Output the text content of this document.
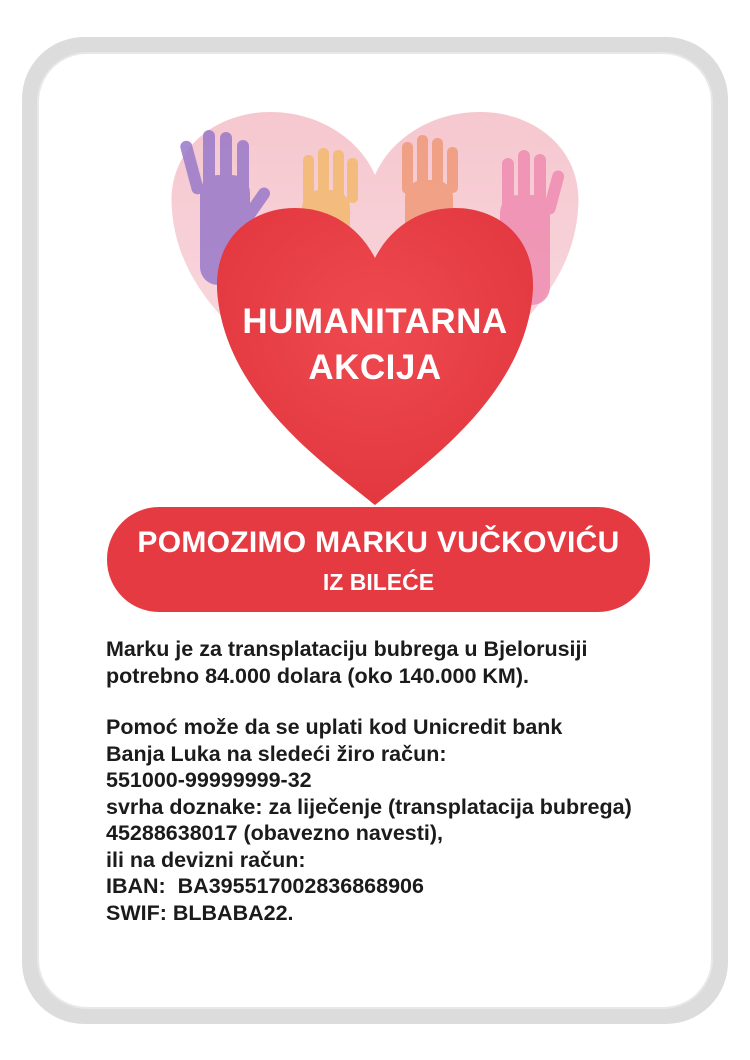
HUMANITARNA
AKCIJA
POMOZIMO MARKU VUČKOVIĆU
IZ BILEĆE
Marku je za transplataciju bubrega u Bjelorusiji
potrebno 84.000 dolara (oko 140.000 KM).
Pomoć može da se uplati kod Unicredit bank
Banja Luka na sledeći žiro račun:
551000-99999999-32
svrha doznake: za liječenje (transplatacija bubrega)
45288638017 (obavezno navesti),
ili na devizni račun:
IBAN:  BA395517002836868906
SWIF: BLBABA22.
